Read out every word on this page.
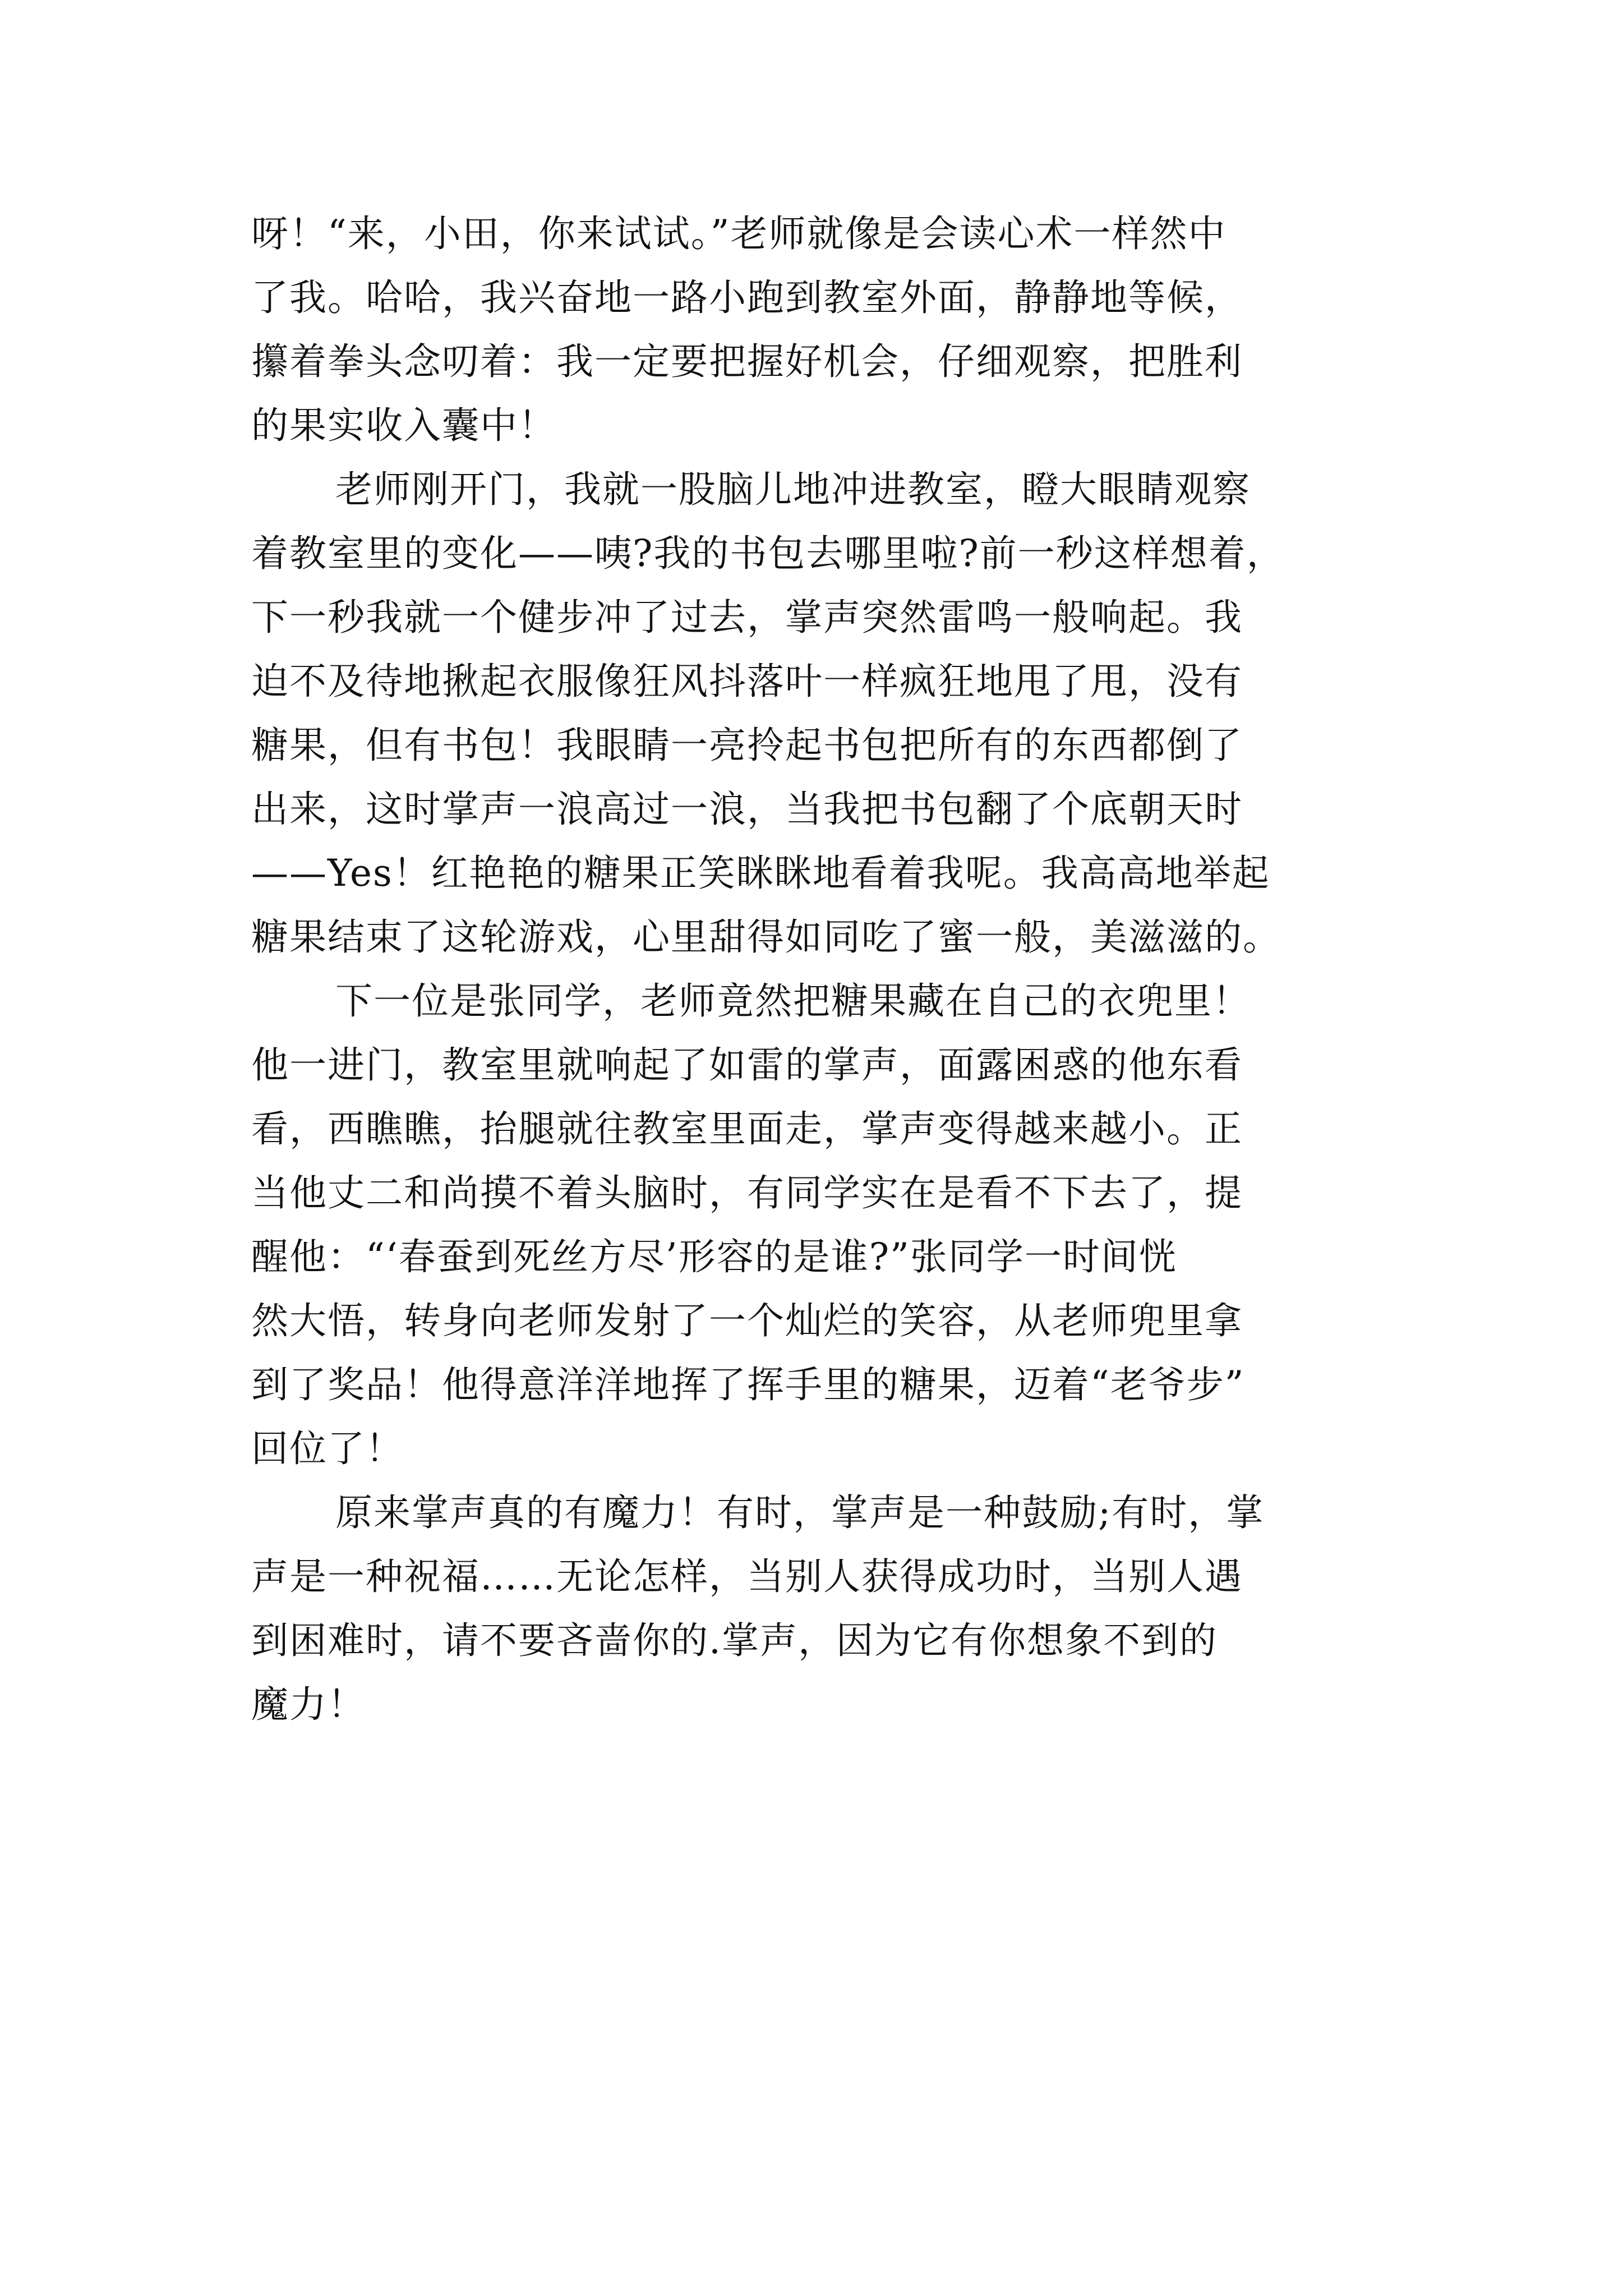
呀！“来，小田，你来试试。”老师就像是会读心术一样然中
了我。哈哈，我兴奋地一路小跑到教室外面，静静地等候，
攥着拳头念叨着：我一定要把握好机会，仔细观察，把胜利
的果实收入囊中！
老师刚开门，我就一股脑儿地冲进教室，瞪大眼睛观察
着教室里的变化——咦?我的书包去哪里啦?前一秒这样想着，
下一秒我就一个健步冲了过去，掌声突然雷鸣一般响起。我
迫不及待地揪起衣服像狂风抖落叶一样疯狂地甩了甩，没有
糖果，但有书包！我眼睛一亮拎起书包把所有的东西都倒了
出来，这时掌声一浪高过一浪，当我把书包翻了个底朝天时
——Yes！红艳艳的糖果正笑眯眯地看着我呢。我高高地举起
糖果结束了这轮游戏，心里甜得如同吃了蜜一般，美滋滋的。
下一位是张同学，老师竟然把糖果藏在自己的衣兜里！
他一进门，教室里就响起了如雷的掌声，面露困惑的他东看
看，西瞧瞧，抬腿就往教室里面走，掌声变得越来越小。正
当他丈二和尚摸不着头脑时，有同学实在是看不下去了，提
醒他：“‘春蚕到死丝方尽’形容的是谁?”张同学一时间恍
然大悟，转身向老师发射了一个灿烂的笑容，从老师兜里拿
到了奖品！他得意洋洋地挥了挥手里的糖果，迈着“老爷步”
回位了！
原来掌声真的有魔力！有时，掌声是一种鼓励;有时，掌
声是一种祝福……无论怎样，当别人获得成功时，当别人遇
到困难时，请不要吝啬你的.掌声，因为它有你想象不到的
魔力！
